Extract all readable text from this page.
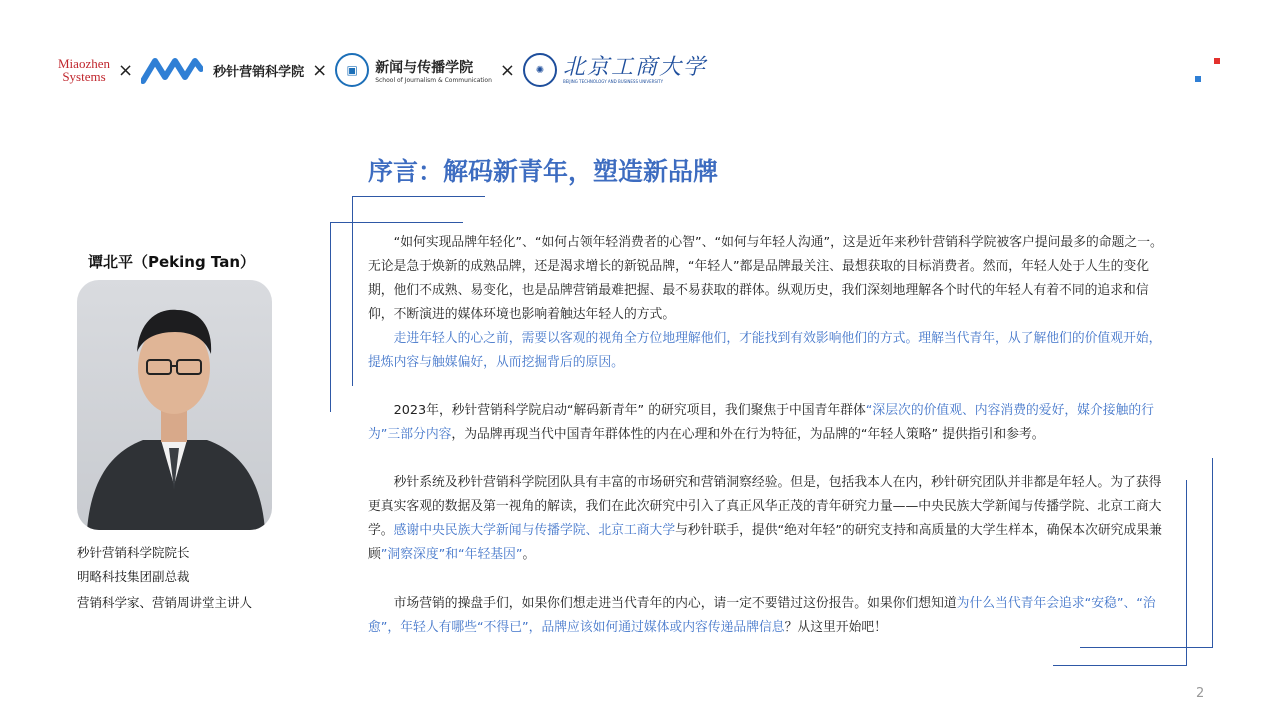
Miaozhen
Systems ×	秒针营销科学院 ×	▣	新闻与传播学院
School of Journalism & Communication ×	✺ 北京工商大学
BEIJING TECHNOLOGY AND BUSINESS UNIVERSITY
序言：解码新青年，塑造新品牌
谭北平（Peking Tan）
秒针营销科学院院长
明略科技集团副总裁
营销科学家、营销周讲堂主讲人

“如何实现品牌年轻化”、“如何占领年轻消费者的心智”、“如何与年轻人沟通”，这是近年来秒针营销科学院被客户提问最多的命题之一。无论是急于焕新的成熟品牌，还是渴求增长的新锐品牌，“年轻人”都是品牌最关注、最想获取的目标消费者。然而，年轻人处于人生的变化期，他们不成熟、易变化，也是品牌营销最难把握、最不易获取的群体。纵观历史，我们深刻地理解各个时代的年轻人有着不同的追求和信仰，不断演进的媒体环境也影响着触达年轻人的方式。

走进年轻人的心之前，需要以客观的视角全方位地理解他们，才能找到有效影响他们的方式。理解当代青年，从了解他们的价值观开始，提炼内容与触媒偏好，从而挖掘背后的原因。

2023年，秒针营销科学院启动“解码新青年” 的研究项目，我们聚焦于中国青年群体“深层次的价值观、内容消费的爱好，媒介接触的行为”三部分内容，为品牌再现当代中国青年群体性的内在心理和外在行为特征，为品牌的“年轻人策略” 提供指引和参考。

秒针系统及秒针营销科学院团队具有丰富的市场研究和营销洞察经验。但是，包括我本人在内，秒针研究团队并非都是年轻人。为了获得更真实客观的数据及第一视角的解读，我们在此次研究中引入了真正风华正茂的青年研究力量——中央民族大学新闻与传播学院、北京工商大学。感谢中央民族大学新闻与传播学院、北京工商大学与秒针联手，提供“绝对年轻”的研究支持和高质量的大学生样本，确保本次研究成果兼顾”洞察深度”和“年轻基因”。

市场营销的操盘手们，如果你们想走进当代青年的内心，请一定不要错过这份报告。如果你们想知道为什么当代青年会追求“安稳”、“治愈”，年轻人有哪些“不得已”，品牌应该如何通过媒体或内容传递品牌信息？从这里开始吧！

2
